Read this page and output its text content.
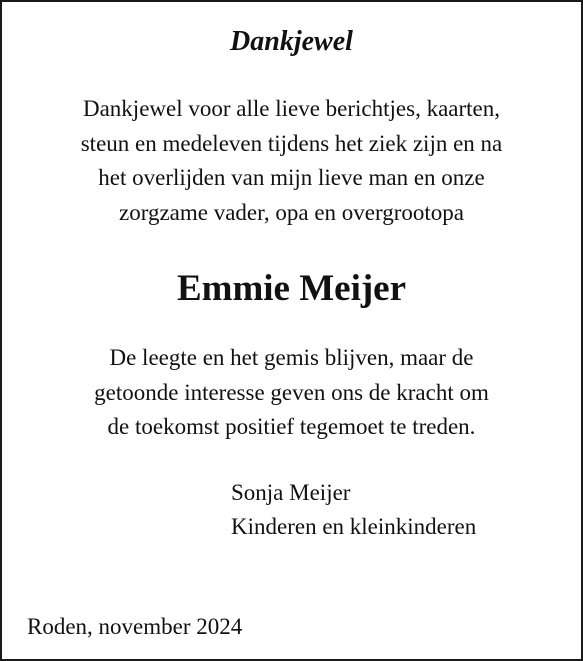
Dankjewel
Dankjewel voor alle lieve berichtjes, kaarten,
steun en medeleven tijdens het ziek zijn en na
het overlijden van mijn lieve man en onze
zorgzame vader, opa en overgrootopa
Emmie Meijer
De leegte en het gemis blijven, maar de
getoonde interesse geven ons de kracht om
de toekomst positief tegemoet te treden.
Sonja Meijer
Kinderen en kleinkinderen
Roden, november 2024
